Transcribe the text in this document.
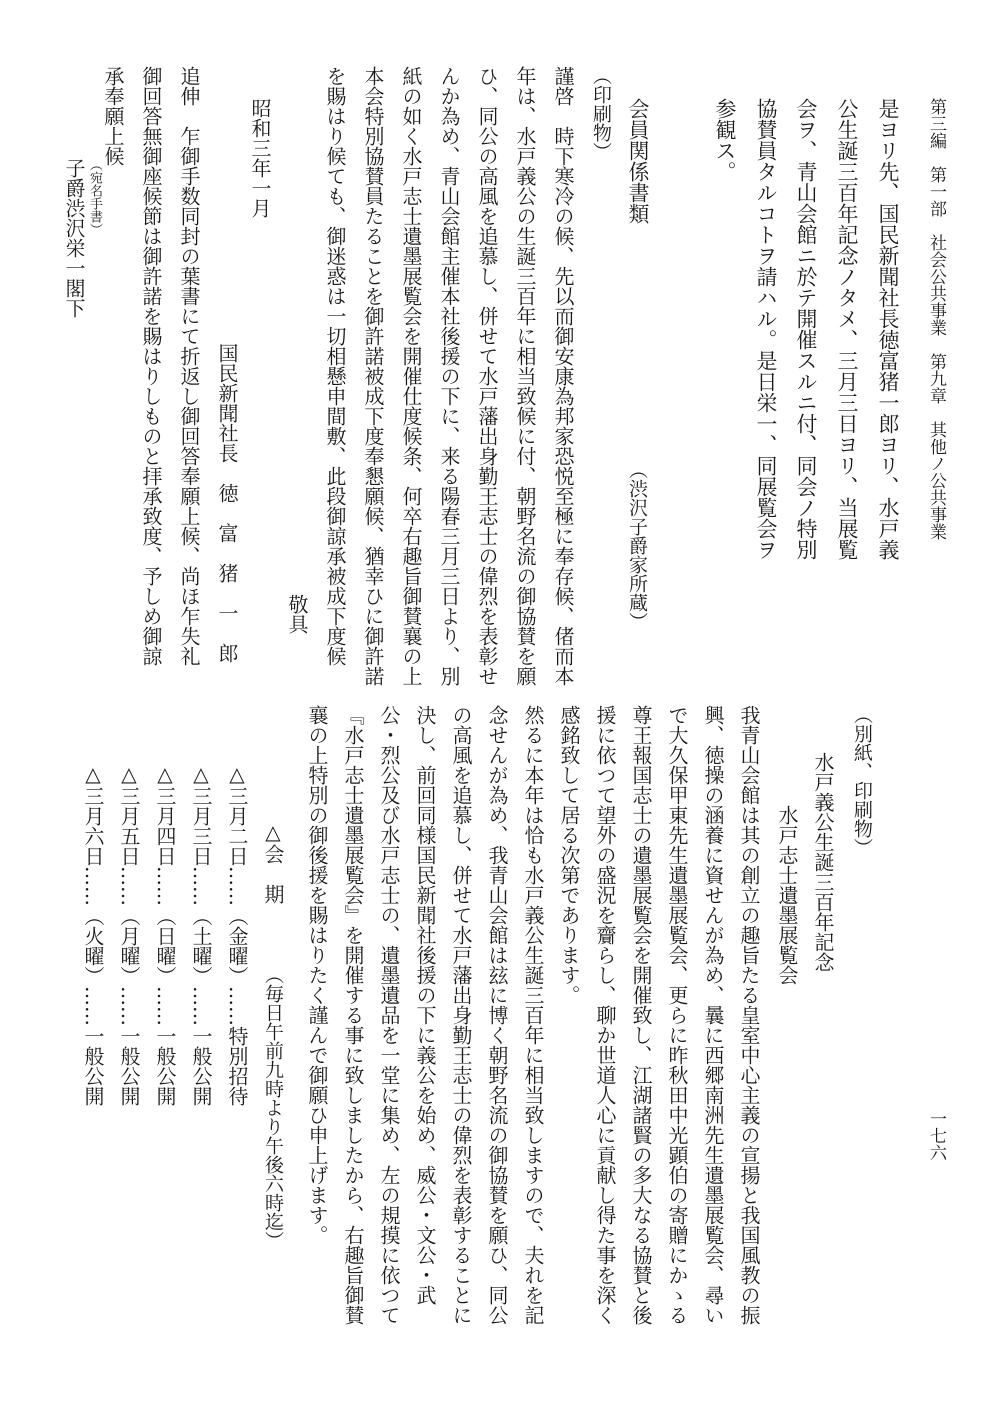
第三編　第一部　社会公共事業　第九章　其他ノ公共事業
一七六
是ヨリ先、国民新聞社長徳富猪一郎ヨリ、水戸義
公生誕三百年記念ノタメ、三月三日ヨリ、当展覧
会ヲ、青山会館ニ於テ開催スルニ付、同会ノ特別
協賛員タルコトヲ請ハル。是日栄一、同展覧会ヲ
参観ス。
会員関係書類
（渋沢子爵家所蔵）
（印刷物）
謹啓　時下寒冷の候、先以而御安康為邦家恐悦至極に奉存候、偖而本
年は、水戸義公の生誕三百年に相当致候に付、朝野名流の御協賛を願
ひ、同公の高風を追慕し、併せて水戸藩出身勤王志士の偉烈を表彰せ
んか為め、青山会館主催本社後援の下に、来る陽春三月三日より、別
紙の如く水戸志士遺墨展覧会を開催仕度候条、何卒右趣旨御賛襄の上
本会特別協賛員たることを御許諾被成下度奉懇願候、猶幸ひに御許諾
を賜はり候ても、御迷惑は一切相懸申間敷、此段御諒承被成下度候
敬具
昭和三年一月
国民新聞社長　徳　富　猪　一　郎
追伸　乍御手数同封の葉書にて折返し御回答奉願上候、尚ほ乍失礼
御回答無御座候節は御許諾を賜はりしものと拝承致度、予しめ御諒
承奉願上候
（宛名手書）
子爵渋沢栄一閣下
（別紙、印刷物）
水戸義公生誕三百年記念
水戸志士遺墨展覧会
我青山会館は其の創立の趣旨たる皇室中心主義の宣揚と我国風教の振
興、徳操の涵養に資せんが為め、曩に西郷南洲先生遺墨展覧会、尋い
で大久保甲東先生遺墨展覧会、更らに昨秋田中光顕伯の寄贈にかゝる
尊王報国志士の遺墨展覧会を開催致し、江湖諸賢の多大なる協賛と後
援に依つて望外の盛況を齎らし、聊か世道人心に貢献し得た事を深く
感銘致して居る次第であります。
然るに本年は恰も水戸義公生誕三百年に相当致しますので、夫れを記
念せんが為め、我青山会館は玆に博く朝野名流の御協賛を願ひ、同公
の高風を追慕し、併せて水戸藩出身勤王志士の偉烈を表彰することに
決し、前回同様国民新聞社後援の下に義公を始め、威公・文公・武
公・烈公及び水戸志士の、遺墨遺品を一堂に集め、左の規摸に依つて
『水戸志士遺墨展覧会』を開催する事に致しましたから、右趣旨御賛
襄の上特別の御後援を賜はりたく謹んで御願ひ申上げます。
△会　期
（毎日午前九時より午後六時迄）
△三月二日……（金曜）……特別招待
△三月三日……（土曜）……一般公開
△三月四日……（日曜）……一般公開
△三月五日……（月曜）……一般公開
△三月六日……（火曜）……一般公開
